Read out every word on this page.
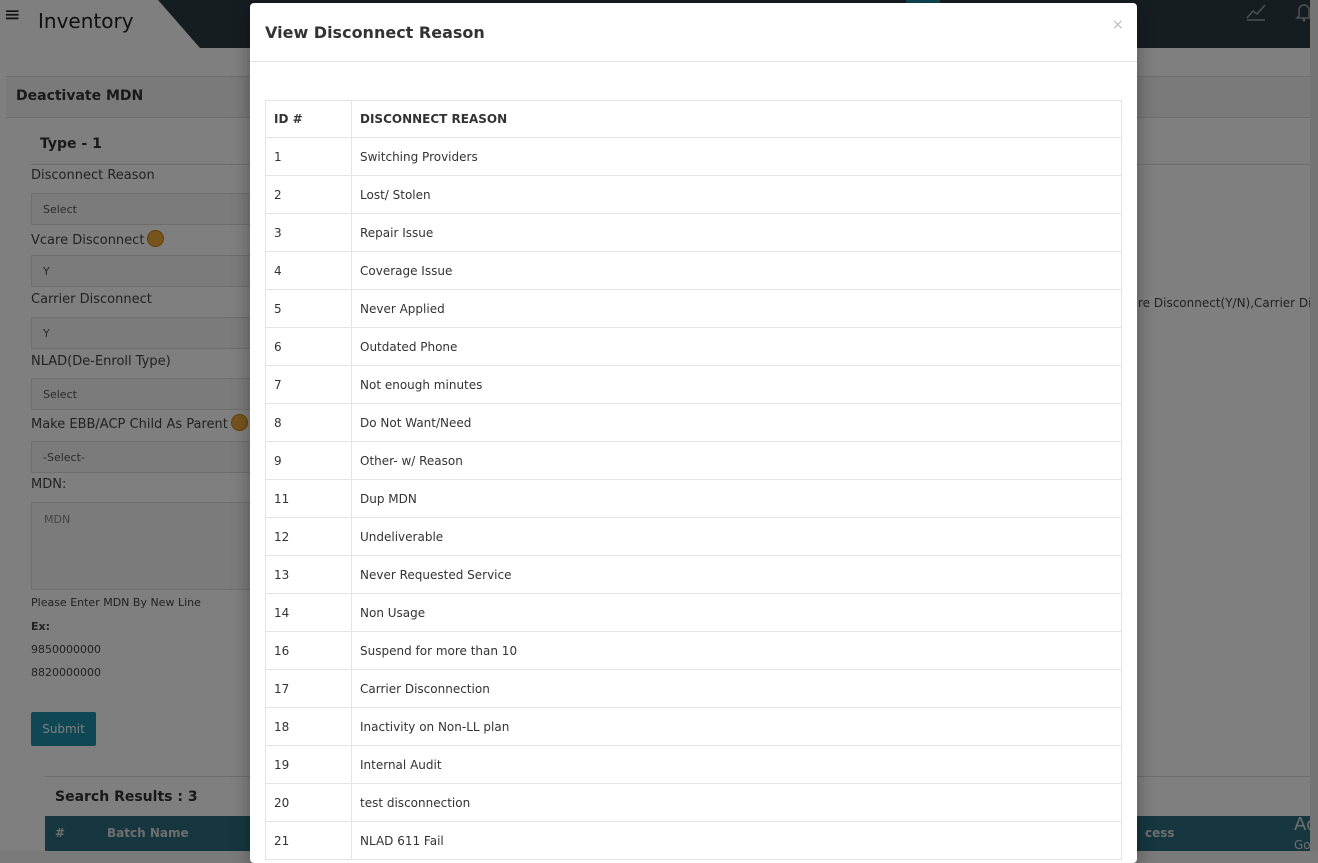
View Disconnect Reason	×
ID #	DISCONNECT REASON
1	Switching Providers
2	Lost/ Stolen
3	Repair Issue
4	Coverage Issue
5	Never Applied
6	Outdated Phone
7	Not enough minutes
8	Do Not Want/Need
9	Other- w/ Reason
11	Dup MDN
12	Undeliverable
13	Never Requested Service
14	Non Usage
16	Suspend for more than 10
17	Carrier Disconnection
18	Inactivity on Non-LL plan
19	Internal Audit
20	test disconnection
21	NLAD 611 Fail
